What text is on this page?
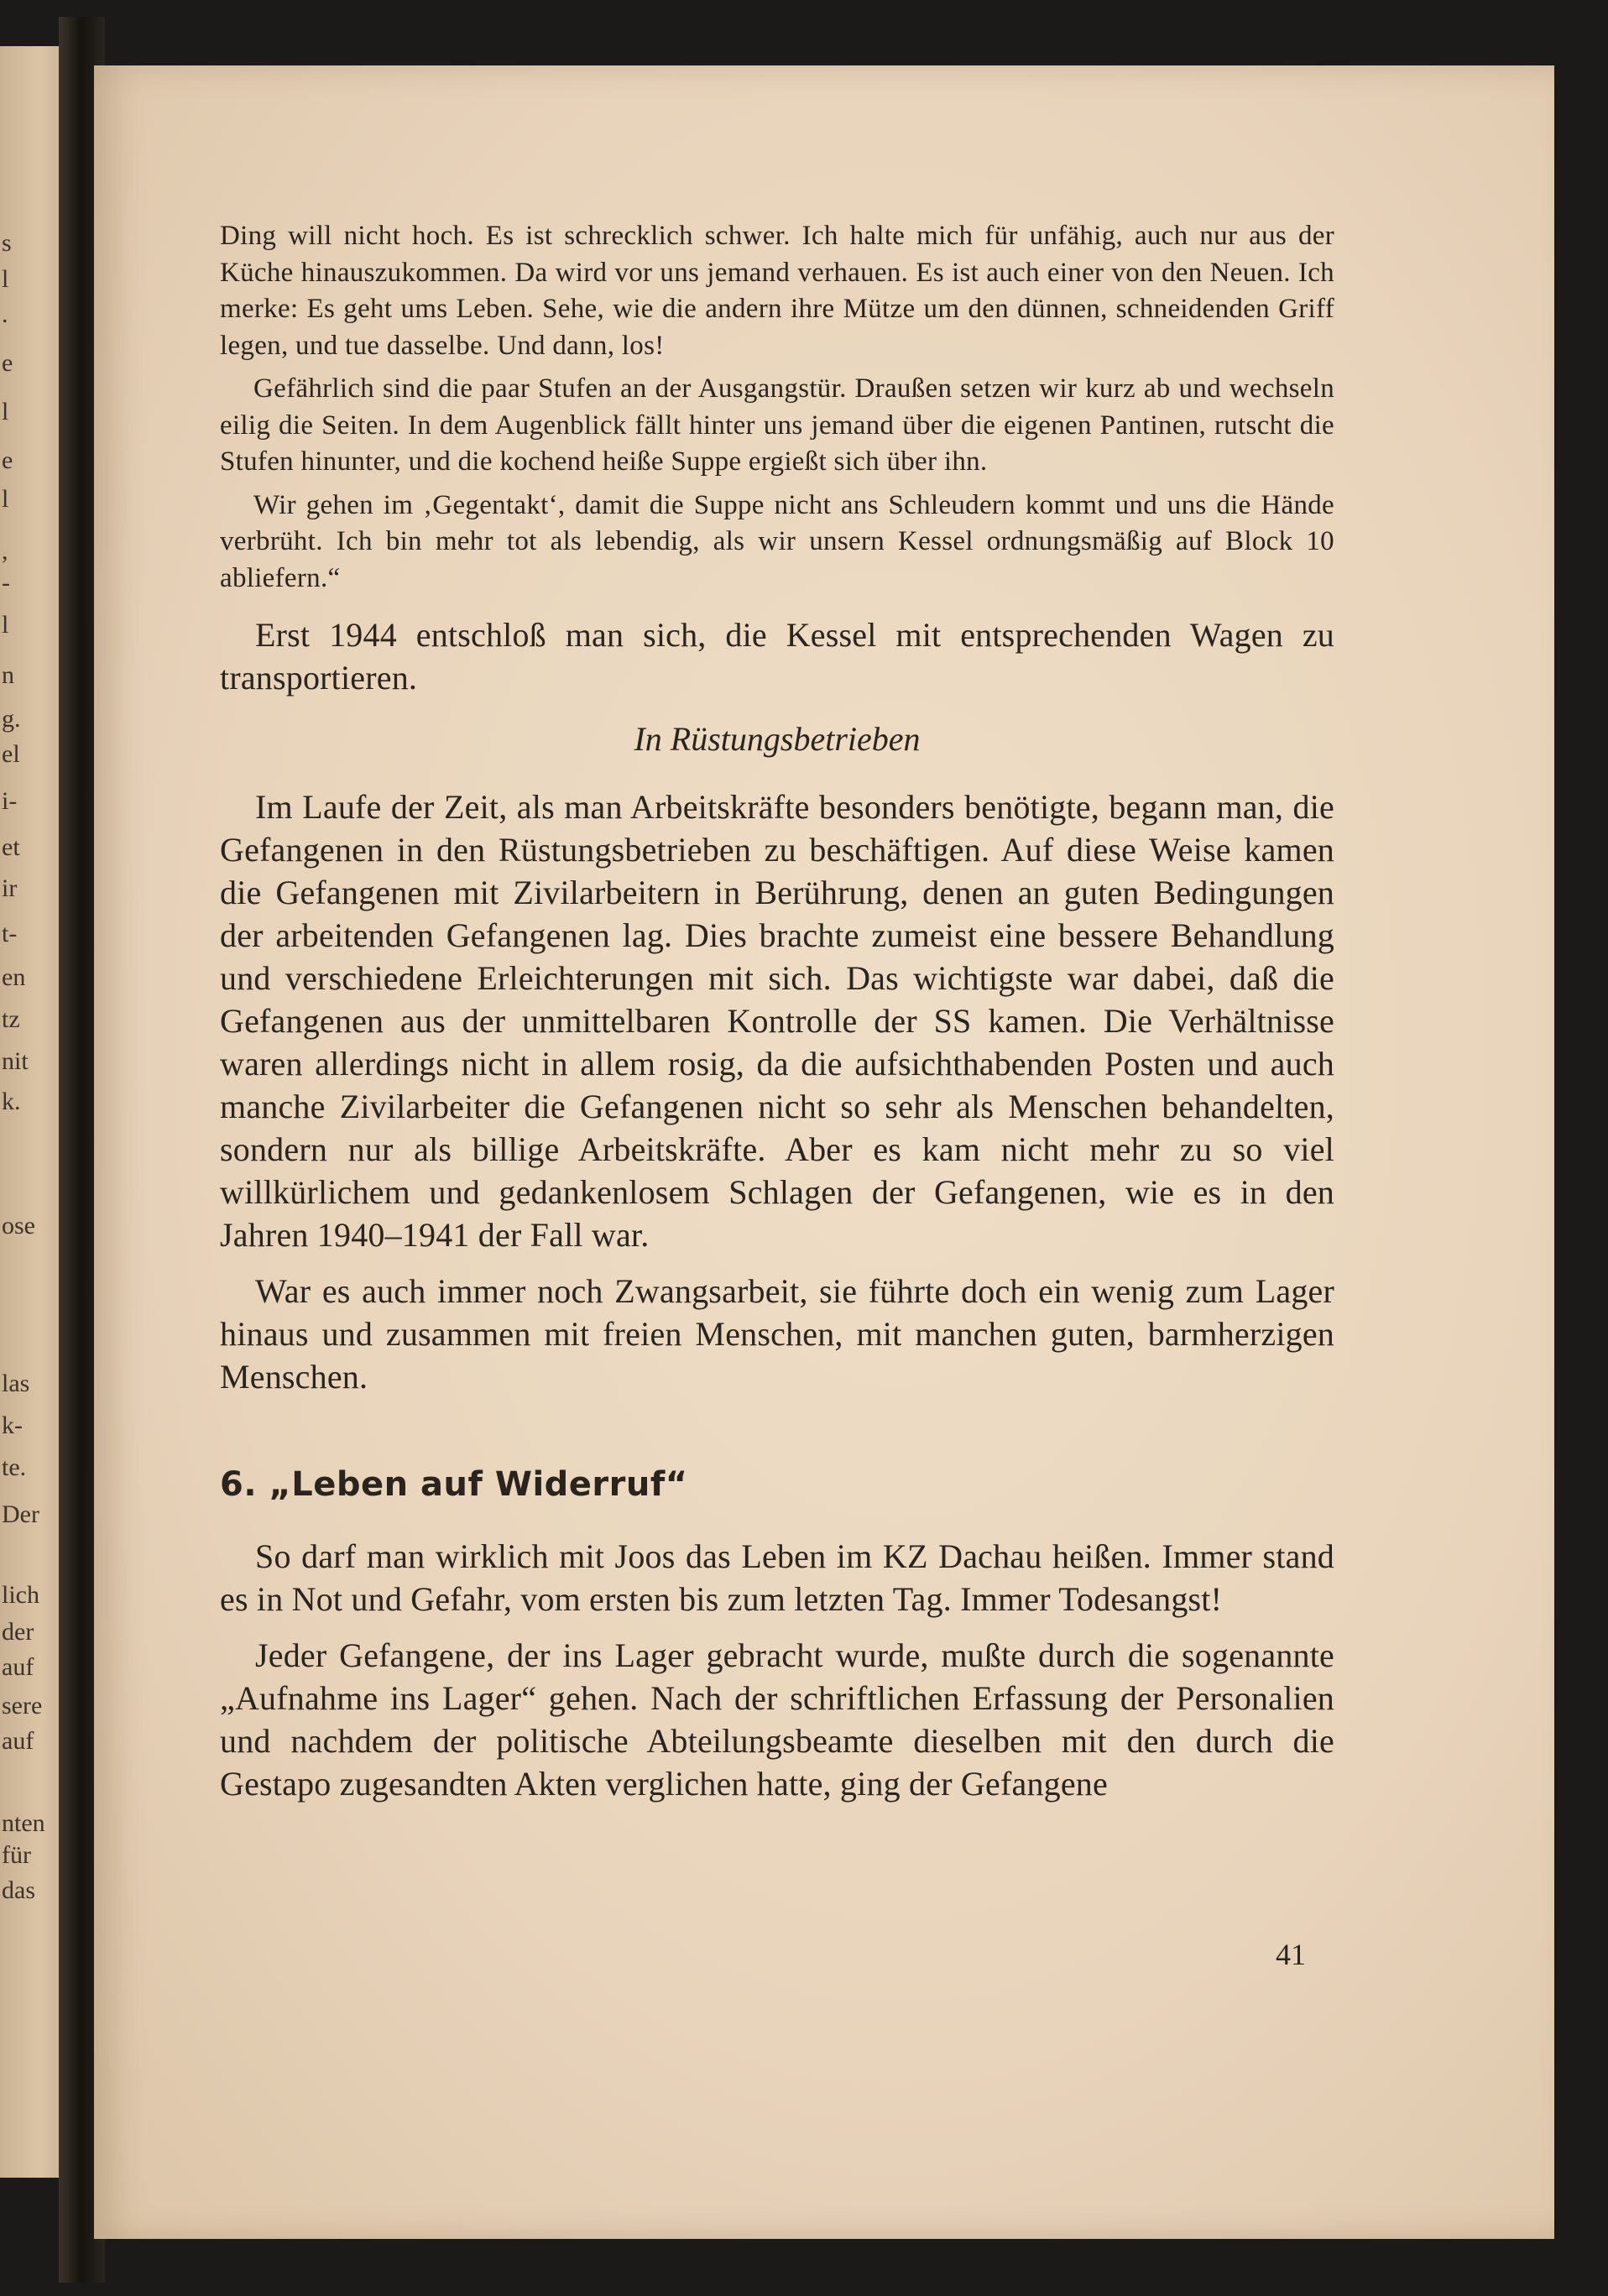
s
l
.
e
l
e
l
,
-
l
n
g.
el
i-
et
ir
t-
en
tz
nit
k.
ose
las
k-
te.
Der
lich
der
auf
sere
auf
nten
für
das

Ding will nicht hoch. Es ist schrecklich schwer. Ich halte mich für unfähig, auch nur aus der Küche hinauszukommen. Da wird vor uns jemand verhauen. Es ist auch einer von den Neuen. Ich merke: Es geht ums Leben. Sehe, wie die andern ihre Mütze um den dünnen, schneidenden Griff legen, und tue dasselbe. Und dann, los!

Gefährlich sind die paar Stufen an der Ausgangstür. Draußen setzen wir kurz ab und wechseln eilig die Seiten. In dem Augenblick fällt hinter uns jemand über die eigenen Pantinen, rutscht die Stufen hinunter, und die kochend heiße Suppe ergießt sich über ihn.

Wir gehen im ‚Gegentakt‘, damit die Suppe nicht ans Schleudern kommt und uns die Hände verbrüht. Ich bin mehr tot als lebendig, als wir unsern Kessel ordnungsmäßig auf Block 10 abliefern.“

Erst 1944 entschloß man sich, die Kessel mit entsprechenden Wagen zu transportieren.

In Rüstungsbetrieben

Im Laufe der Zeit, als man Arbeitskräfte besonders benötigte, begann man, die Gefangenen in den Rüstungsbetrieben zu beschäftigen. Auf diese Weise kamen die Gefangenen mit Zivilarbeitern in Berührung, denen an guten Bedingungen der arbeitenden Gefangenen lag. Dies brachte zumeist eine bessere Behandlung und verschiedene Erleichterungen mit sich. Das wichtigste war dabei, daß die Gefangenen aus der unmittelbaren Kontrolle der SS kamen. Die Verhältnisse waren allerdings nicht in allem rosig, da die aufsichthabenden Posten und auch manche Zivilarbeiter die Gefangenen nicht so sehr als Menschen behandelten, sondern nur als billige Arbeitskräfte. Aber es kam nicht mehr zu so viel willkürlichem und gedankenlosem Schlagen der Gefangenen, wie es in den Jahren 1940–1941 der Fall war.

War es auch immer noch Zwangsarbeit, sie führte doch ein wenig zum Lager hinaus und zusammen mit freien Menschen, mit manchen guten, barmherzigen Menschen.

6. „Leben auf Widerruf“

So darf man wirklich mit Joos das Leben im KZ Dachau heißen. Immer stand es in Not und Gefahr, vom ersten bis zum letzten Tag. Immer Todesangst!

Jeder Gefangene, der ins Lager gebracht wurde, mußte durch die sogenannte „Aufnahme ins Lager“ gehen. Nach der schriftlichen Erfassung der Personalien und nachdem der politische Abteilungsbeamte dieselben mit den durch die Gestapo zugesandten Akten verglichen hatte, ging der Gefangene

41
